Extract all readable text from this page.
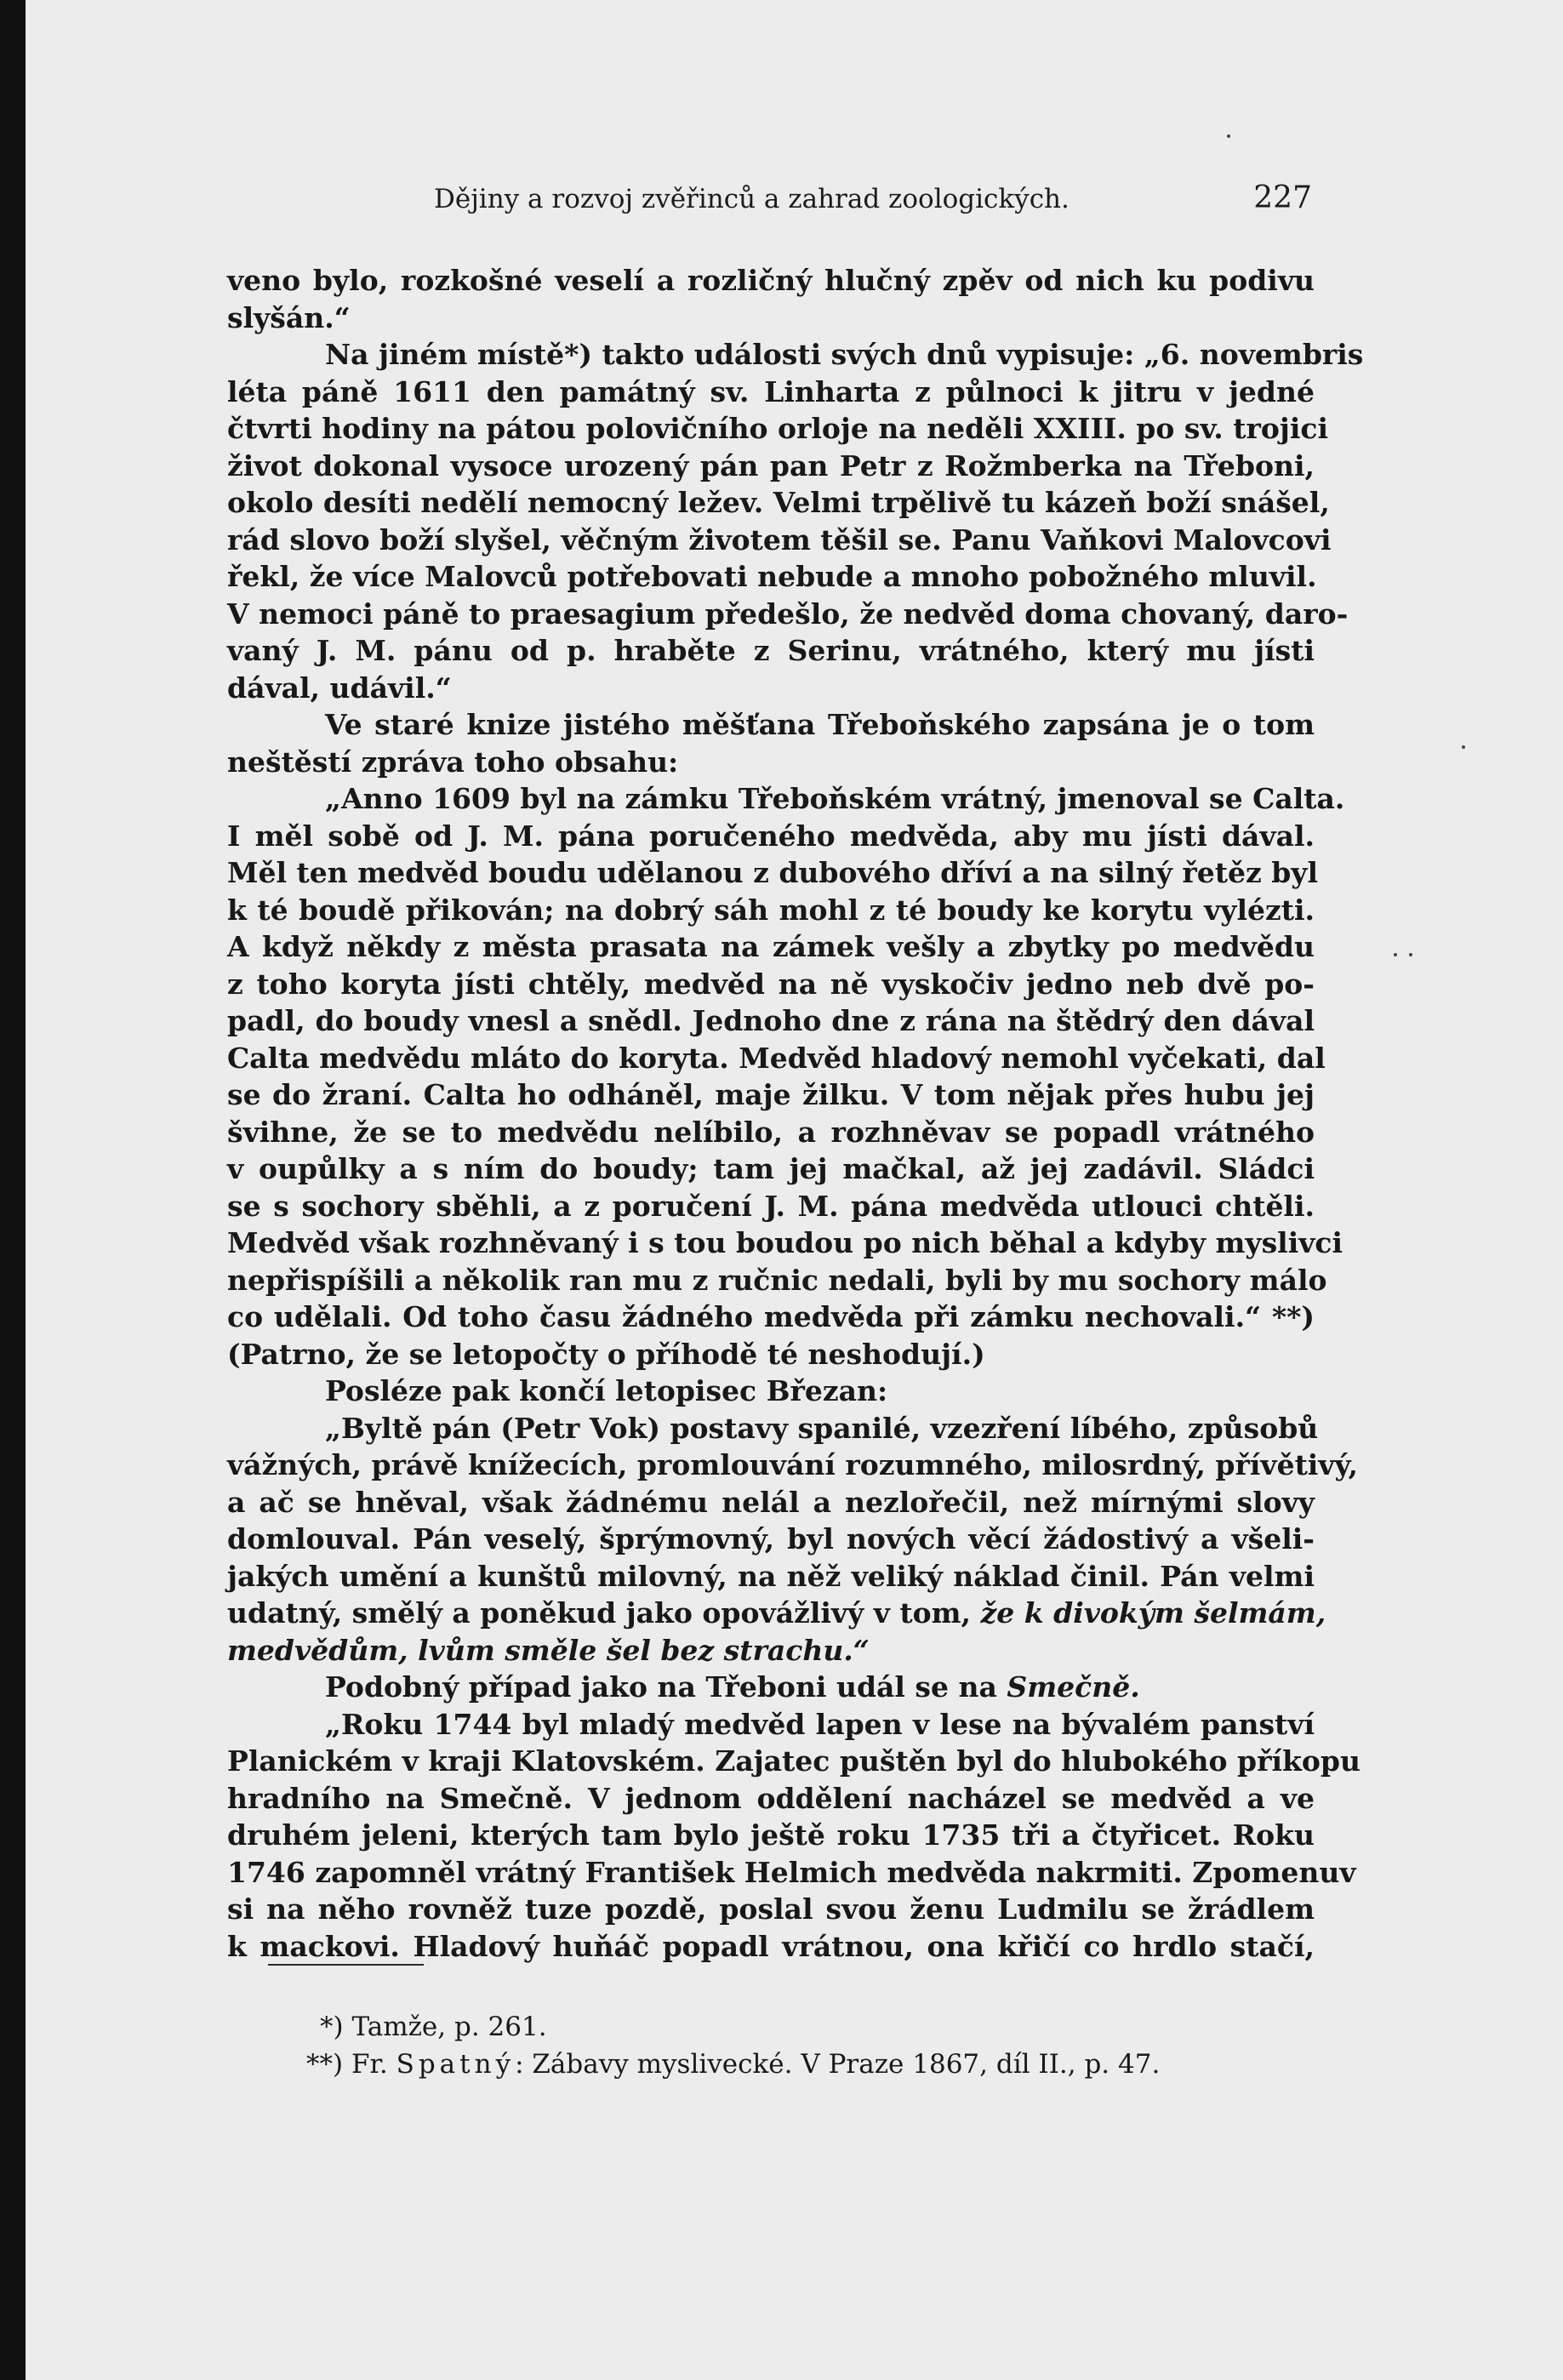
Dějiny a rozvoj zvěřinců a zahrad zoologických.	227
veno bylo, rozkošné veselí a rozličný hlučný zpěv od nich ku podivu
slyšán.“
Na jiném místě*) takto události svých dnů vypisuje: „6. novembris
léta páně 1611 den památný sv. Linharta z půlnoci k jitru v jedné
čtvrti hodiny na pátou polovičního orloje na neděli XXIII. po sv. trojici
život dokonal vysoce urozený pán pan Petr z Rožmberka na Třeboni,
okolo desíti nedělí nemocný ležev. Velmi trpělivě tu kázeň boží snášel,
rád slovo boží slyšel, věčným životem těšil se. Panu Vaňkovi Malovcovi
řekl, že více Malovců potřebovati nebude a mnoho pobožného mluvil.
V nemoci páně to praesagium předešlo, že nedvěd doma chovaný, daro-
vaný J. M. pánu od p. hraběte z Serinu, vrátného, který mu jísti
dával, udávil.“
Ve staré knize jistého měšťana Třeboňského zapsána je o tom
neštěstí zpráva toho obsahu:
„Anno 1609 byl na zámku Třeboňském vrátný, jmenoval se Calta.
I měl sobě od J. M. pána poručeného medvěda, aby mu jísti dával.
Měl ten medvěd boudu udělanou z dubového dříví a na silný řetěz byl
k té boudě přikován; na dobrý sáh mohl z té boudy ke korytu vylézti.
A když někdy z města prasata na zámek vešly a zbytky po medvědu
z toho koryta jísti chtěly, medvěd na ně vyskočiv jedno neb dvě po-
padl, do boudy vnesl a snědl. Jednoho dne z rána na štědrý den dával
Calta medvědu mláto do koryta. Medvěd hladový nemohl vyčekati, dal
se do žraní. Calta ho odháněl, maje žilku. V tom nějak přes hubu jej
švihne, že se to medvědu nelíbilo, a rozhněvav se popadl vrátného
v oupůlky a s ním do boudy; tam jej mačkal, až jej zadávil. Sládci
se s sochory sběhli, a z poručení J. M. pána medvěda utlouci chtěli.
Medvěd však rozhněvaný i s tou boudou po nich běhal a kdyby myslivci
nepřispíšili a několik ran mu z ručnic nedali, byli by mu sochory málo
co udělali. Od toho času žádného medvěda při zámku nechovali.“ **)
(Patrno, že se letopočty o příhodě té neshodují.)
Posléze pak končí letopisec Březan:
„Byltě pán (Petr Vok) postavy spanilé, vzezření líbého, způsobů
vážných, právě knížecích, promlouvání rozumného, milosrdný, přívětivý,
a ač se hněval, však žádnému nelál a nezlořečil, než mírnými slovy
domlouval. Pán veselý, šprýmovný, byl nových věcí žádostivý a všeli-
jakých umění a kunštů milovný, na něž veliký náklad činil. Pán velmi
udatný, smělý a poněkud jako opovážlivý v tom, že k divokým šelmám,
medvědům, lvům směle šel bez strachu.“
Podobný případ jako na Třeboni udál se na Smečně.
„Roku 1744 byl mladý medvěd lapen v lese na bývalém panství
Planickém v kraji Klatovském. Zajatec puštěn byl do hlubokého příkopu
hradního na Smečně. V jednom oddělení nacházel se medvěd a ve
druhém jeleni, kterých tam bylo ještě roku 1735 tři a čtyřicet. Roku
1746 zapomněl vrátný František Helmich medvěda nakrmiti. Zpomenuv
si na něho rovněž tuze pozdě, poslal svou ženu Ludmilu se žrádlem
k mackovi. Hladový huňáč popadl vrátnou, ona křičí co hrdlo stačí,
*) Tamže, p. 261.
**) Fr. Spatný: Zábavy myslivecké. V Praze 1867, díl II., p. 47.
